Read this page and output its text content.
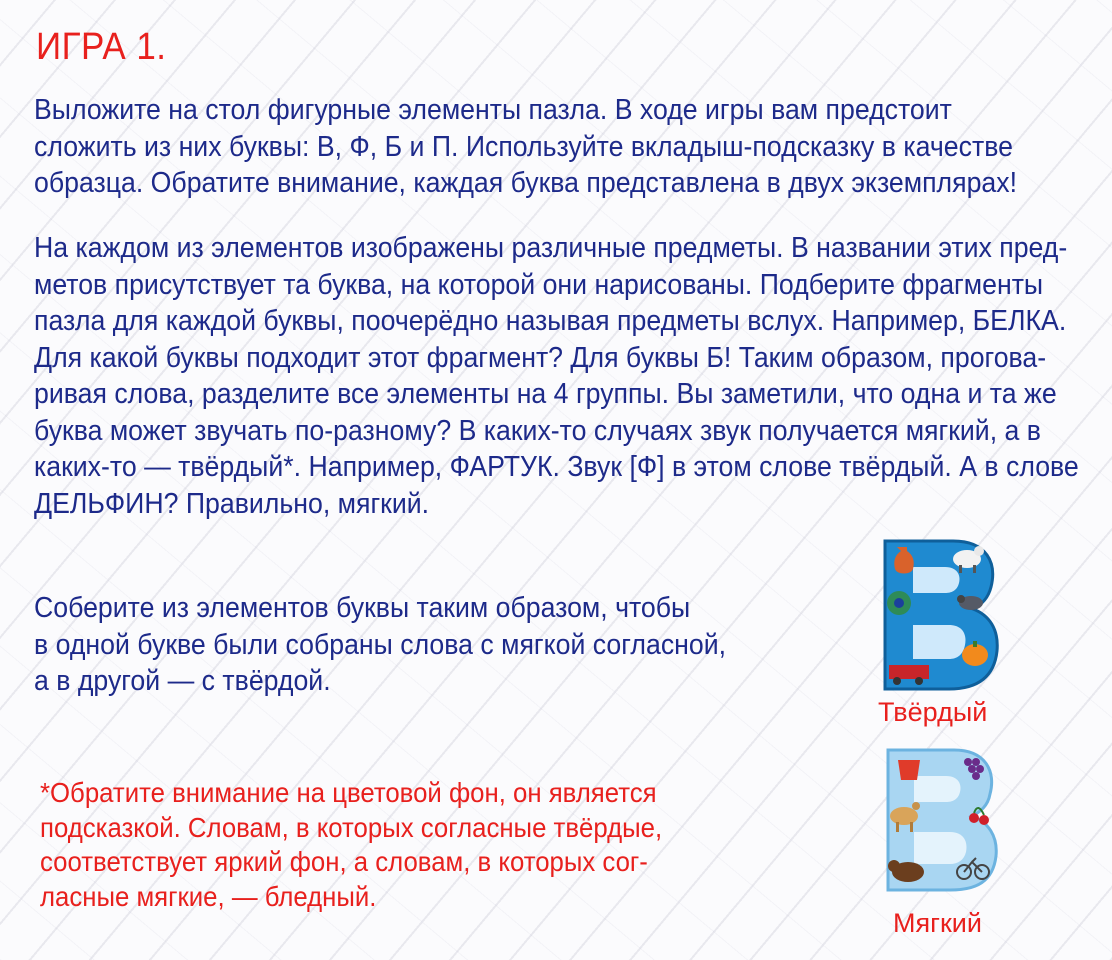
ИГРА 1.

Выложите на стол фигурные элементы пазла. В ходе игры вам предстоит
сложить из них буквы: В, Ф, Б и П. Используйте вкладыш-подсказку в качестве
образца. Обратите внимание, каждая буква представлена в двух экземплярах!

На каждом из элементов изображены различные предметы. В названии этих пред-
метов присутствует та буква, на которой они нарисованы. Подберите фрагменты
пазла для каждой буквы, поочерёдно называя предметы вслух. Например, БЕЛКА.
Для какой буквы подходит этот фрагмент? Для буквы Б! Таким образом, прогова-
ривая слова, разделите все элементы на 4 группы. Вы заметили, что одна и та же
буква может звучать по-разному? В каких-то случаях звук получается мягкий, а в
каких-то — твёрдый*. Например, ФАРТУК. Звук [Ф] в этом слове твёрдый. А в слове
ДЕЛЬФИН? Правильно, мягкий.

Соберите из элементов буквы таким образом, чтобы
в одной букве были собраны слова с мягкой согласной,
а в другой — с твёрдой.

*Обратите внимание на цветовой фон, он является
подсказкой. Словам, в которых согласные твёрдые,
соответствует яркий фон, а словам, в которых сог-
ласные мягкие, — бледный.

Твёрдый
Мягкий
